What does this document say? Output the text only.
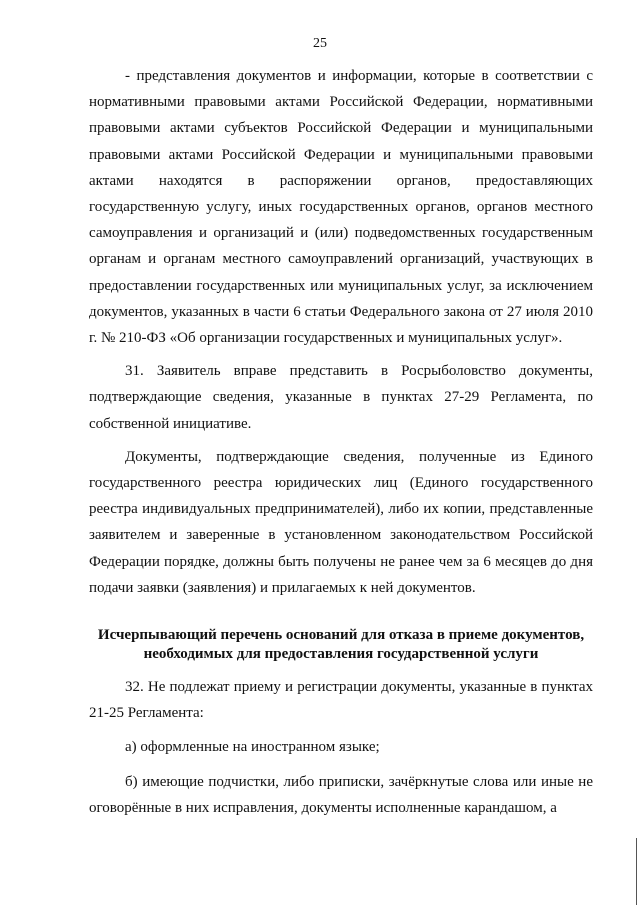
25

- представления документов и информации, которые в соответствии с нормативными правовыми актами Российской Федерации, нормативными правовыми актами субъектов Российской Федерации и муниципальными правовыми актами Российской Федерации и муниципальными правовыми актами находятся в распоряжении органов, предоставляющих государственную услугу, иных государственных органов, органов местного самоуправления и организаций и (или) подведомственных государственным органам и органам местного самоуправлений организаций, участвующих в предоставлении государственных или муниципальных услуг, за исключением документов, указанных в части 6 статьи Федерального закона от 27 июля 2010 г. № 210-ФЗ «Об организации государственных и муниципальных услуг».

31. Заявитель вправе представить в Росрыболовство документы, подтверждающие сведения, указанные в пунктах 27-29 Регламента, по собственной инициативе.

Документы, подтверждающие сведения, полученные из Единого государственного реестра юридических лиц (Единого государственного реестра индивидуальных предпринимателей), либо их копии, представленные заявителем и заверенные в установленном законодательством Российской Федерации порядке, должны быть получены не ранее чем за 6 месяцев до дня подачи заявки (заявления) и прилагаемых к ней документов.

Исчерпывающий перечень оснований для отказа в приеме документов, необходимых для предоставления государственной услуги

32. Не подлежат приему и регистрации документы, указанные в пунктах 21-25 Регламента:

а) оформленные на иностранном языке;

б) имеющие подчистки, либо приписки, зачёркнутые слова или иные не оговорённые в них исправления, документы исполненные карандашом, а
